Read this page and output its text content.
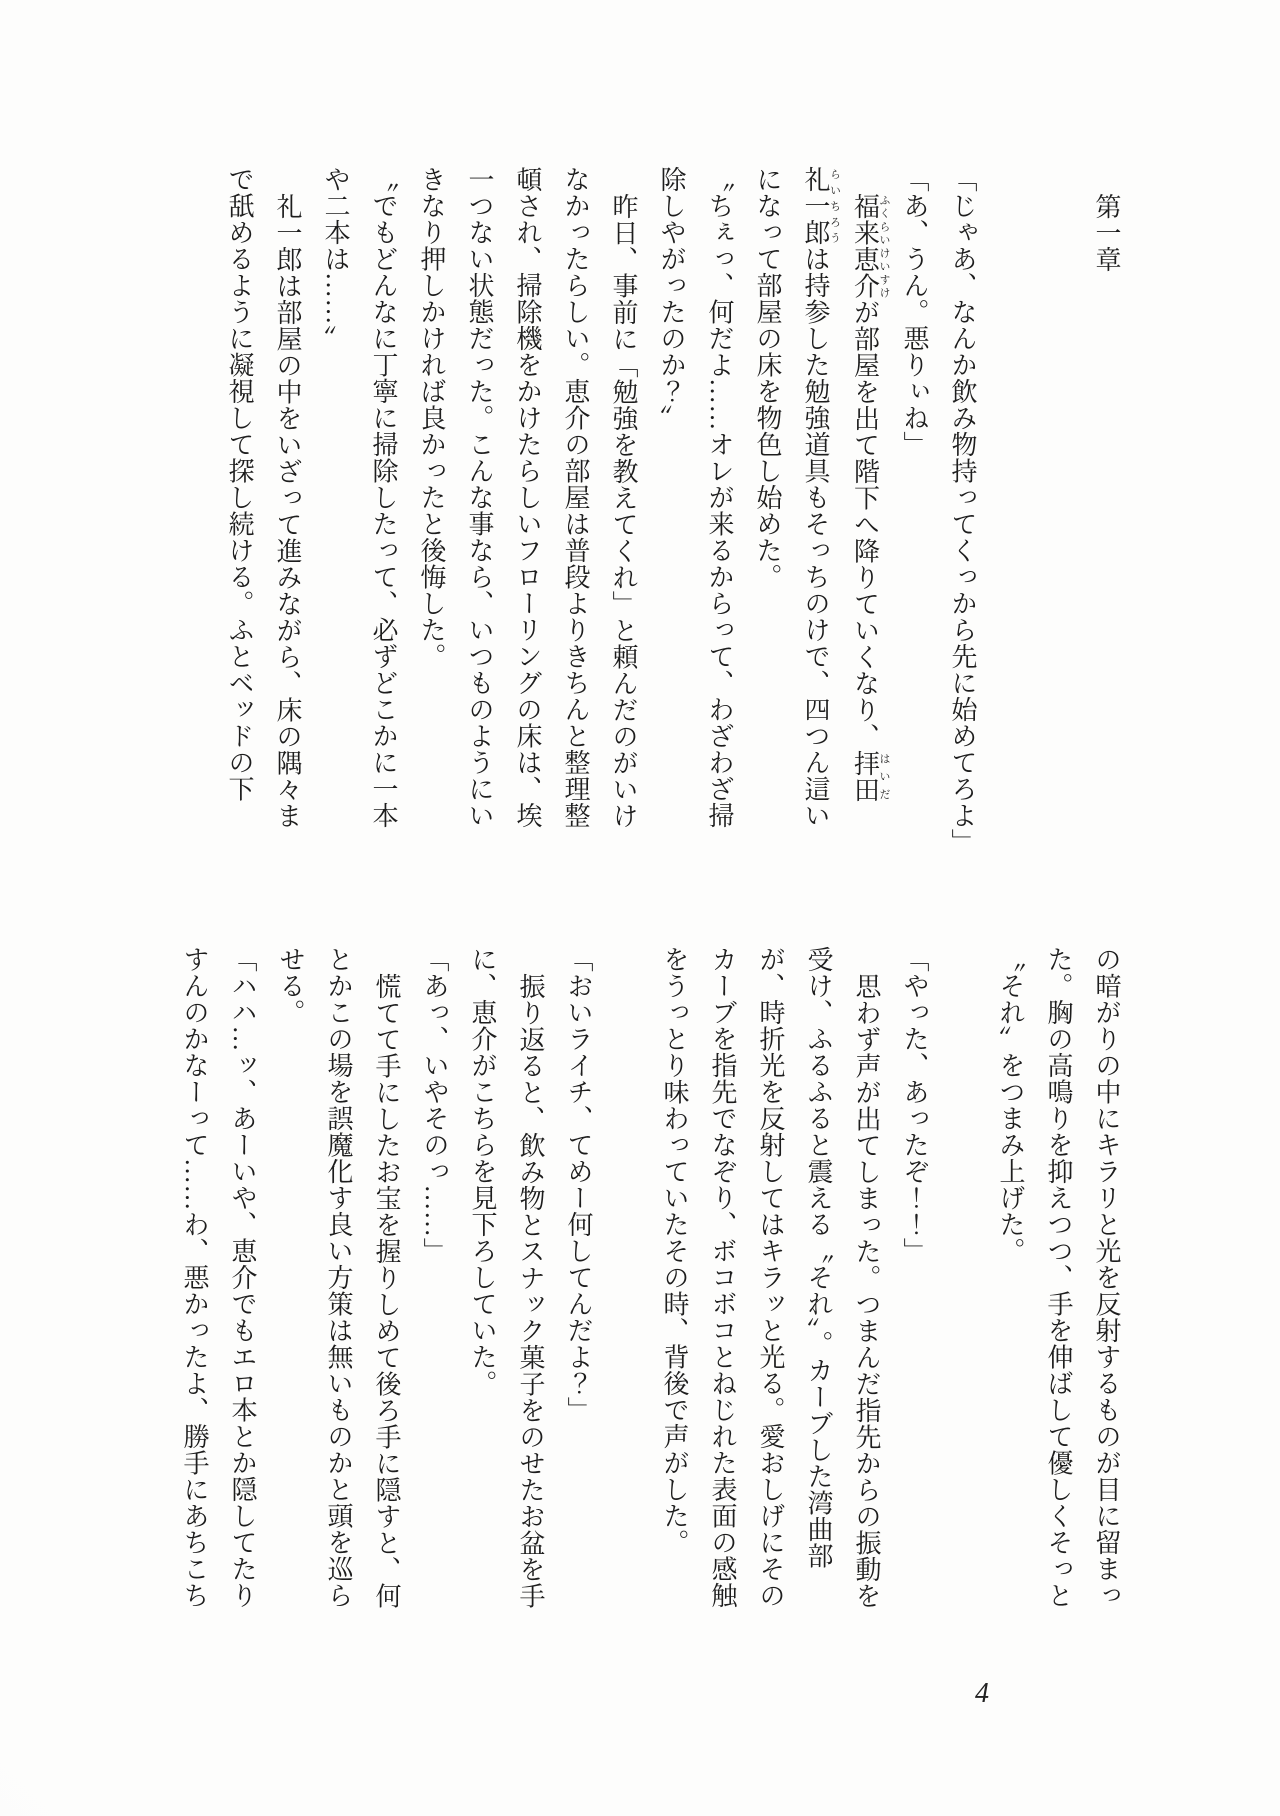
第一章
「じゃあ、なんか飲み物持ってくっから先に始めてろよ」
「あ、うん。悪りぃね」
福来ふくらい恵介けいすけが部屋を出て階下へ降りていくなり、拝田はいだ
礼一郎らいちろうは持参した勉強道具もそっちのけで、四つん這い
になって部屋の床を物色し始めた。
〝ちぇっ、何だよ……オレが来るからって、わざわざ掃
除しやがったのか？〟
昨日、事前に「勉強を教えてくれ」と頼んだのがいけ
なかったらしい。恵介の部屋は普段よりきちんと整理整
頓され、掃除機をかけたらしいフローリングの床は、埃
一つない状態だった。こんな事なら、いつものようにい
きなり押しかければ良かったと後悔した。
〝でもどんなに丁寧に掃除したって、必ずどこかに一本
や二本は……〟
礼一郎は部屋の中をいざって進みながら、床の隅々ま
で舐めるように凝視して探し続ける。ふとベッドの下
の暗がりの中にキラリと光を反射するものが目に留まっ
た。胸の高鳴りを抑えつつ、手を伸ばして優しくそっと
〝それ〟をつまみ上げた。
「やった、あったぞ！！」
思わず声が出てしまった。つまんだ指先からの振動を
受け、ふるふると震える〝それ〟。カーブした湾曲部
が、時折光を反射してはキラッと光る。愛おしげにその
カーブを指先でなぞり、ボコボコとねじれた表面の感触
をうっとり味わっていたその時、背後で声がした。
「おいライチ、てめー何してんだよ？」
振り返ると、飲み物とスナック菓子をのせたお盆を手
に、恵介がこちらを見下ろしていた。
「あっ、いやそのっ……」
慌てて手にしたお宝を握りしめて後ろ手に隠すと、何
とかこの場を誤魔化す良い方策は無いものかと頭を巡ら
せる。
「ハハ…ッ、あーいや、恵介でもエロ本とか隠してたり
すんのかなーって……わ、悪かったよ、勝手にあちこち
4
